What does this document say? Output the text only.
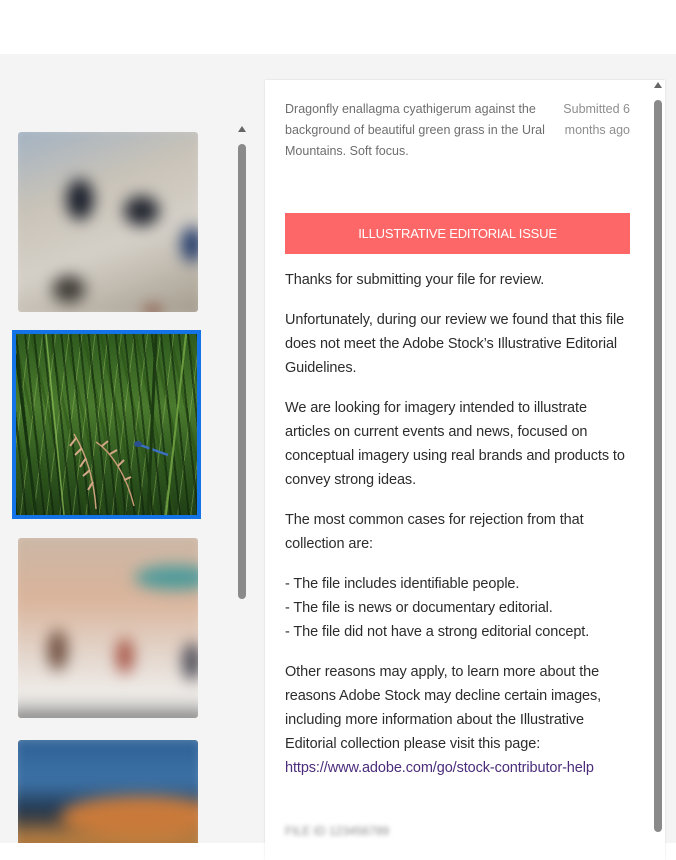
Dragonfly enallagma cyathigerum against the background of beautiful green grass in the Ural Mountains. Soft focus.
Submitted 6 months ago
ILLUSTRATIVE EDITORIAL ISSUE

Thanks for submitting your file for review.

Unfortunately, during our review we found that this file does not meet the Adobe Stock’s Illustrative Editorial Guidelines.

We are looking for imagery intended to illustrate articles on current events and news, focused on conceptual imagery using real brands and products to convey strong ideas.

The most common cases for rejection from that collection are:

- The file includes identifiable people.

- The file is news or documentary editorial.

- The file did not have a strong editorial concept.

Other reasons may apply, to learn more about the reasons Adobe Stock may decline certain images, including more information about the Illustrative Editorial collection please visit this page:
https://www.adobe.com/go/stock-contributor-help

FILE ID 123456789
